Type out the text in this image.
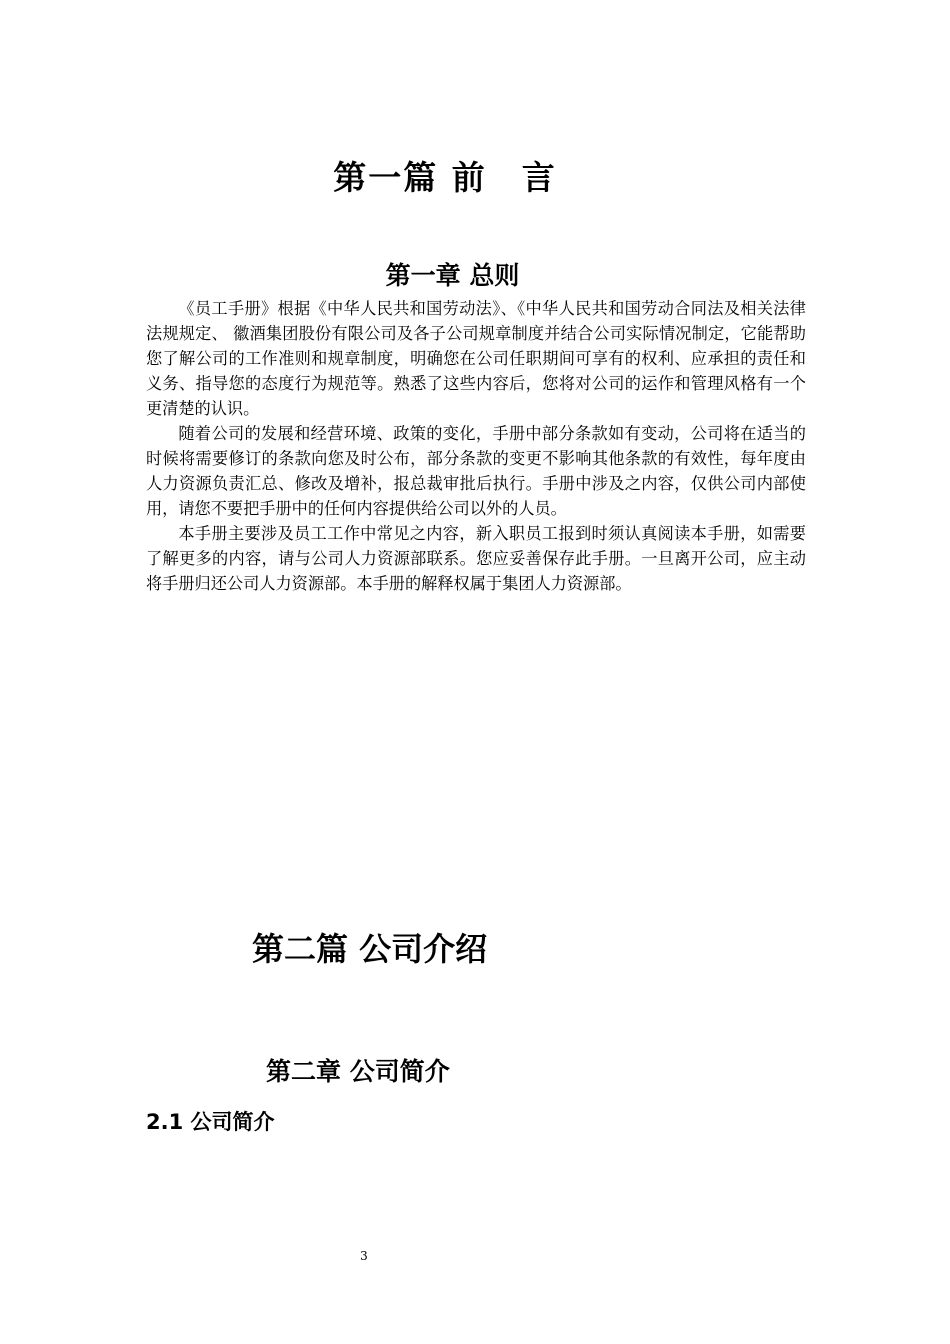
第一篇 前　言
第一章 总则

《员工手册》根据《中华人民共和国劳动法》、《中华人民共和国劳动合同法及相关法律法规规定、 徽酒集团股份有限公司及各子公司规章制度并结合公司实际情况制定，它能帮助您了解公司的工作准则和规章制度，明确您在公司任职期间可享有的权利、应承担的责任和义务、指导您的态度行为规范等。熟悉了这些内容后，您将对公司的运作和管理风格有一个更清楚的认识。

随着公司的发展和经营环境、政策的变化，手册中部分条款如有变动，公司将在适当的时候将需要修订的条款向您及时公布，部分条款的变更不影响其他条款的有效性，每年度由人力资源负责汇总、修改及增补，报总裁审批后执行。手册中涉及之内容，仅供公司内部使用，请您不要把手册中的任何内容提供给公司以外的人员。

本手册主要涉及员工工作中常见之内容，新入职员工报到时须认真阅读本手册，如需要了解更多的内容，请与公司人力资源部联系。您应妥善保存此手册。一旦离开公司，应主动将手册归还公司人力资源部。本手册的解释权属于集团人力资源部。

第二篇 公司介绍
第二章 公司简介
2.1 公司简介
3
